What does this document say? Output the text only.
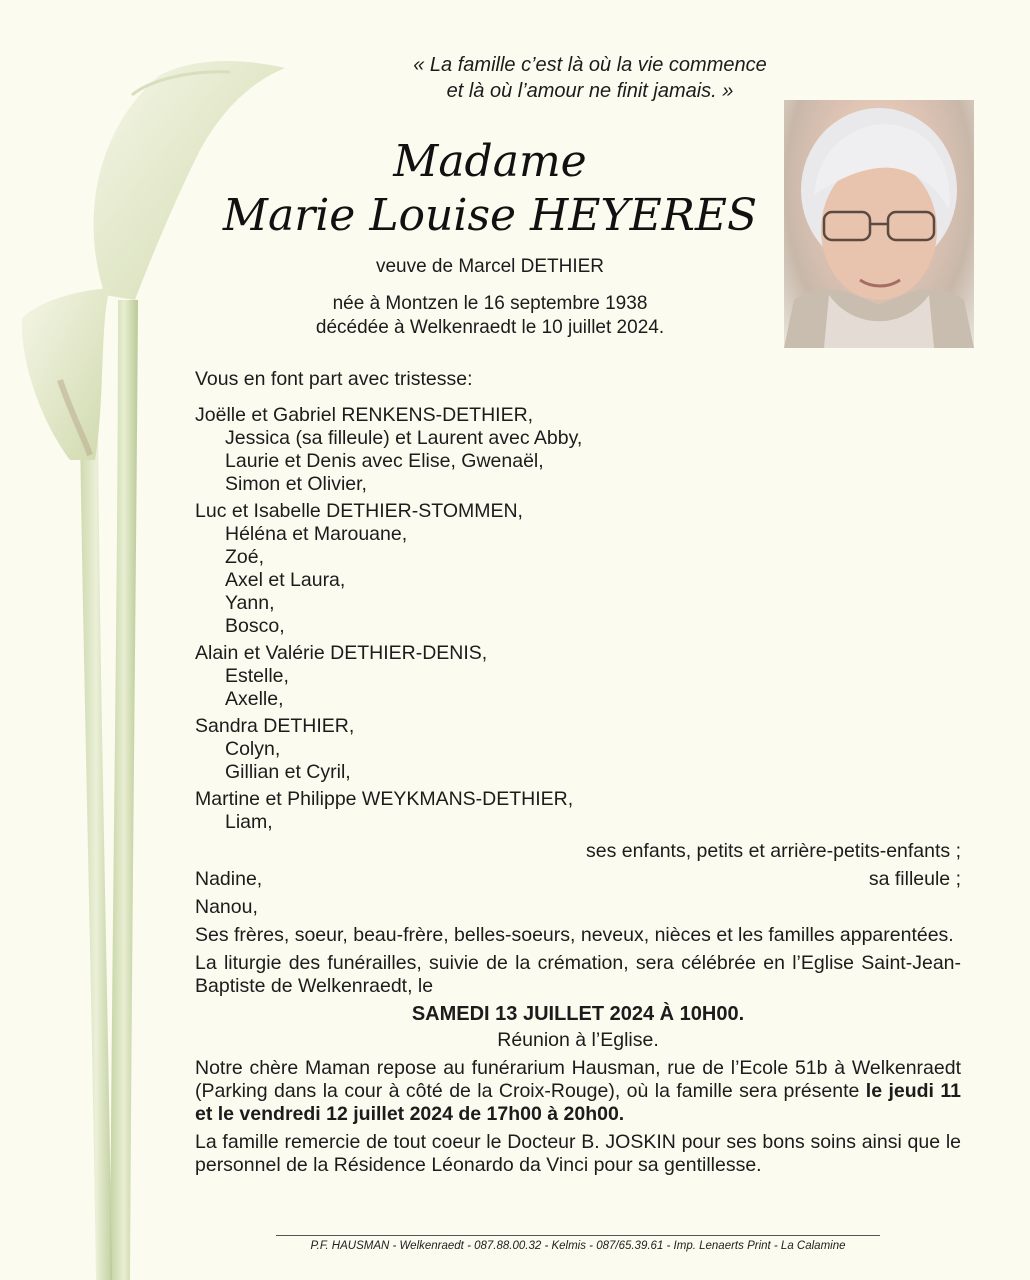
« La famille c’est là où la vie commence
et là où l’amour ne finit jamais. »
Madame
Marie Louise HEYERES
veuve de Marcel DETHIER
née à Montzen le 16 septembre 1938
décédée à Welkenraedt le 10 juillet 2024.

Vous en font part avec tristesse:

Joëlle et Gabriel RENKENS-DETHIER,

Jessica (sa filleule) et Laurent avec Abby,

Laurie et Denis avec Elise, Gwenaël,

Simon et Olivier,

Luc et Isabelle DETHIER-STOMMEN,

Héléna et Marouane,

Zoé,

Axel et Laura,

Yann,

Bosco,

Alain et Valérie DETHIER-DENIS,

Estelle,

Axelle,

Sandra DETHIER,

Colyn,

Gillian et Cyril,

Martine et Philippe WEYKMANS-DETHIER,

Liam,

ses enfants, petits et arrière-petits-enfants ;

Nadine,	sa filleule ;

Nanou,

Ses frères, soeur, beau-frère, belles-soeurs, neveux, nièces et les familles apparentées.

La liturgie des funérailles, suivie de la crémation, sera célébrée en l’Eglise Saint-Jean-Baptiste de Welkenraedt, le

SAMEDI 13 JUILLET 2024 À 10H00.

Réunion à l’Eglise.

Notre chère Maman repose au funérarium Hausman, rue de l’Ecole 51b à Welkenraedt (Parking dans la cour à côté de la Croix-Rouge), où la famille sera présente le jeudi 11 et le vendredi 12 juillet 2024 de 17h00 à 20h00.

La famille remercie de tout coeur le Docteur B. JOSKIN pour ses bons soins ainsi que le personnel de la Résidence Léonardo da Vinci pour sa gentillesse.

P.F. HAUSMAN - Welkenraedt - 087.88.00.32 - Kelmis - 087/65.39.61 - Imp. Lenaerts Print - La Calamine
